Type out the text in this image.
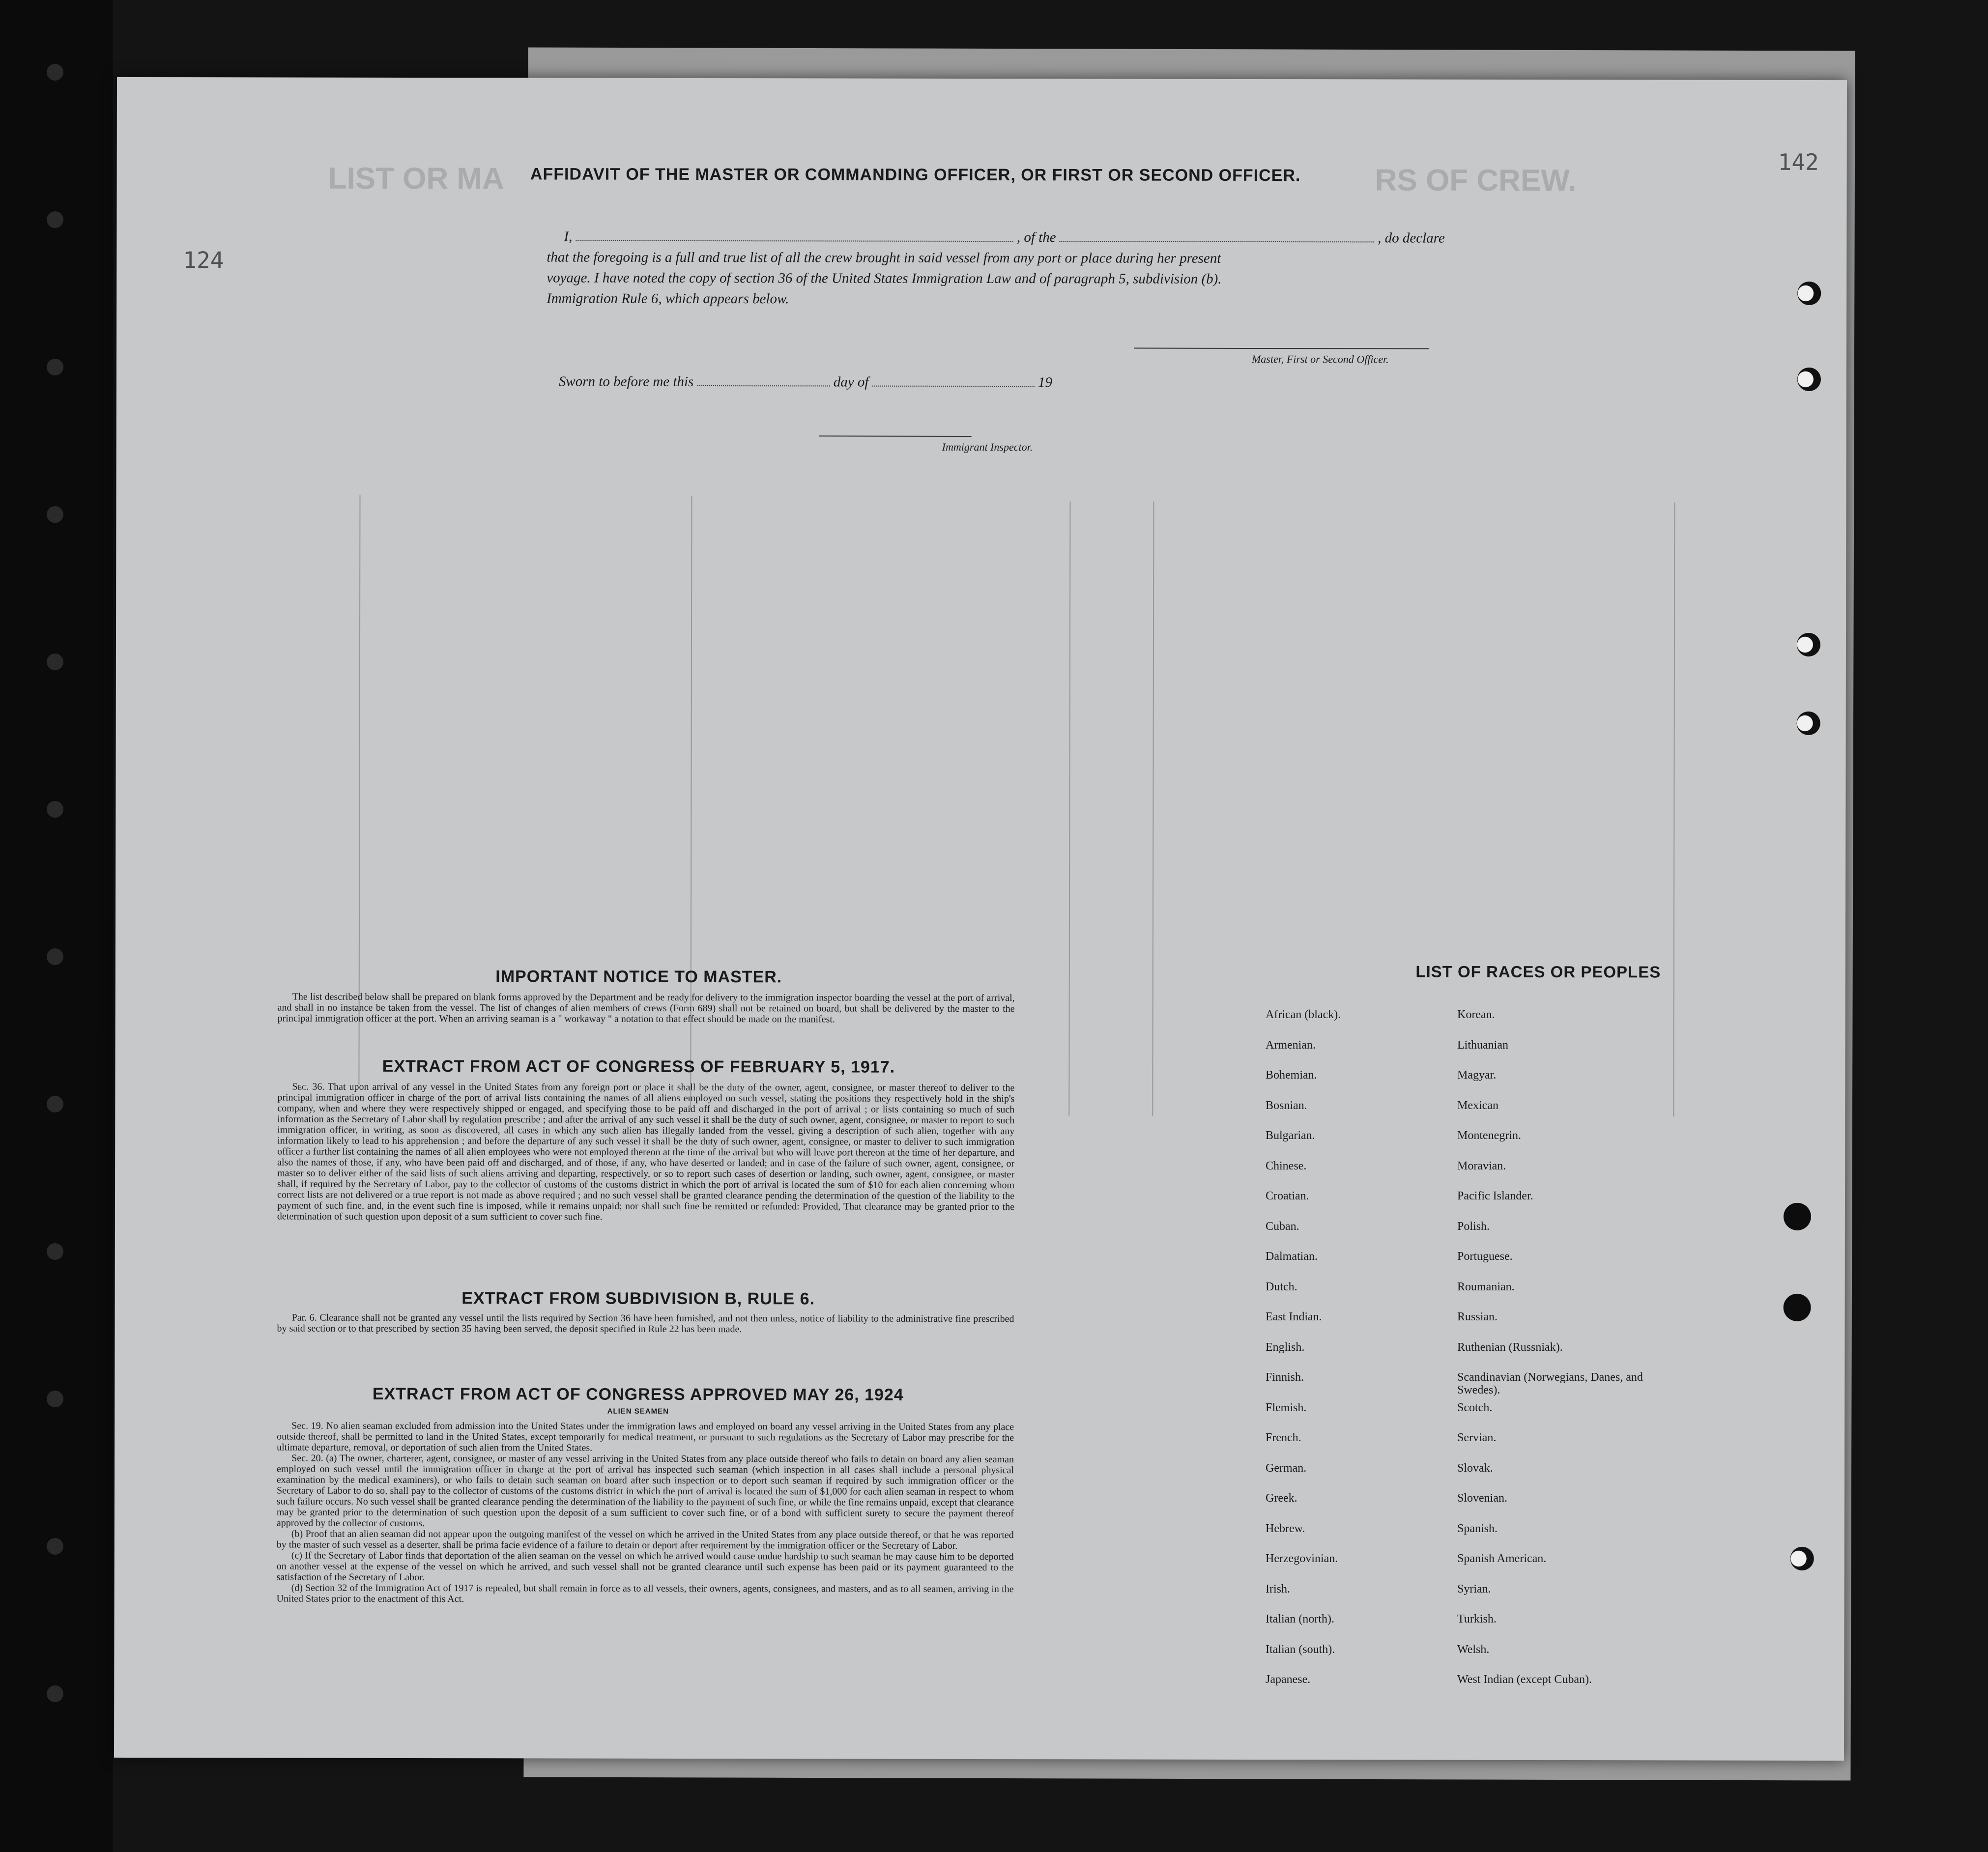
LIST OR MA	RS OF CREW.
124
142
AFFIDAVIT OF THE MASTER OR COMMANDING OFFICER, OR FIRST OR SECOND OFFICER.
I,	, of the	, do declare
that the foregoing is a full and true list of all the crew brought in said vessel from any port or place during her present
voyage. I have noted the copy of section 36 of the United States Immigration Law and of paragraph 5, subdivision (b).
Immigration Rule 6, which appears below.
Master, First or Second Officer.
Sworn to before me this	day of	19
Immigrant Inspector.
IMPORTANT NOTICE TO MASTER.

The list described below shall be prepared on blank forms approved by the Department and be ready for delivery to the immigration inspector boarding the vessel at the port of arrival, and shall in no instance be taken from the vessel. The list of changes of alien members of crews (Form 689) shall not be retained on board, but shall be delivered by the master to the principal immigration officer at the port. When an arriving seaman is a " workaway " a notation to that effect should be made on the manifest.

EXTRACT FROM ACT OF CONGRESS OF FEBRUARY 5, 1917.

Sec. 36. That upon arrival of any vessel in the United States from any foreign port or place it shall be the duty of the owner, agent, consignee, or master thereof to deliver to the principal immigration officer in charge of the port of arrival lists containing the names of all aliens employed on such vessel, stating the positions they respectively hold in the ship's company, when and where they were respectively shipped or engaged, and specifying those to be paid off and discharged in the port of arrival ; or lists containing so much of such information as the Secretary of Labor shall by regulation prescribe ; and after the arrival of any such vessel it shall be the duty of such owner, agent, consignee, or master to report to such immigration officer, in writing, as soon as discovered, all cases in which any such alien has illegally landed from the vessel, giving a description of such alien, together with any information likely to lead to his apprehension ; and before the departure of any such vessel it shall be the duty of such owner, agent, consignee, or master to deliver to such immigration officer a further list containing the names of all alien employees who were not employed thereon at the time of the arrival but who will leave port thereon at the time of her departure, and also the names of those, if any, who have been paid off and discharged, and of those, if any, who have deserted or landed; and in case of the failure of such owner, agent, consignee, or master so to deliver either of the said lists of such aliens arriving and departing, respectively, or so to report such cases of desertion or landing, such owner, agent, consignee, or master shall, if required by the Secretary of Labor, pay to the collector of customs of the customs district in which the port of arrival is located the sum of $10 for each alien concerning whom correct lists are not delivered or a true report is not made as above required ; and no such vessel shall be granted clearance pending the determination of the question of the liability to the payment of such fine, and, in the event such fine is imposed, while it remains unpaid; nor shall such fine be remitted or refunded: Provided, That clearance may be granted prior to the determination of such question upon deposit of a sum sufficient to cover such fine.

EXTRACT FROM SUBDIVISION B, RULE 6.

Par. 6. Clearance shall not be granted any vessel until the lists required by Section 36 have been furnished, and not then unless, notice of liability to the administrative fine prescribed by said section or to that prescribed by section 35 having been served, the deposit specified in Rule 22 has been made.

EXTRACT FROM ACT OF CONGRESS APPROVED MAY 26, 1924
ALIEN SEAMEN

Sec. 19. No alien seaman excluded from admission into the United States under the immigration laws and employed on board any vessel arriving in the United States from any place outside thereof, shall be permitted to land in the United States, except temporarily for medical treatment, or pursuant to such regulations as the Secretary of Labor may prescribe for the ultimate departure, removal, or deportation of such alien from the United States.

Sec. 20. (a) The owner, charterer, agent, consignee, or master of any vessel arriving in the United States from any place outside thereof who fails to detain on board any alien seaman employed on such vessel until the immigration officer in charge at the port of arrival has inspected such seaman (which inspection in all cases shall include a personal physical examination by the medical examiners), or who fails to detain such seaman on board after such inspection or to deport such seaman if required by such immigration officer or the Secretary of Labor to do so, shall pay to the collector of customs of the customs district in which the port of arrival is located the sum of $1,000 for each alien seaman in respect to whom such failure occurs. No such vessel shall be granted clearance pending the determination of the liability to the payment of such fine, or while the fine remains unpaid, except that clearance may be granted prior to the determination of such question upon the deposit of a sum sufficient to cover such fine, or of a bond with sufficient surety to secure the payment thereof approved by the collector of customs.

(b) Proof that an alien seaman did not appear upon the outgoing manifest of the vessel on which he arrived in the United States from any place outside thereof, or that he was reported by the master of such vessel as a deserter, shall be prima facie evidence of a failure to detain or deport after requirement by the immigration officer or the Secretary of Labor.

(c) If the Secretary of Labor finds that deportation of the alien seaman on the vessel on which he arrived would cause undue hardship to such seaman he may cause him to be deported on another vessel at the expense of the vessel on which he arrived, and such vessel shall not be granted clearance until such expense has been paid or its payment guaranteed to the satisfaction of the Secretary of Labor.

(d) Section 32 of the Immigration Act of 1917 is repealed, but shall remain in force as to all vessels, their owners, agents, consignees, and masters, and as to all seamen, arriving in the United States prior to the enactment of this Act.

LIST OF RACES OR PEOPLES
African (black).	Korean.
Armenian.	Lithuanian
Bohemian.	Magyar.
Bosnian.	Mexican
Bulgarian.	Montenegrin.
Chinese.	Moravian.
Croatian.	Pacific Islander.
Cuban.	Polish.
Dalmatian.	Portuguese.
Dutch.	Roumanian.
East Indian.	Russian.
English.	Ruthenian (Russniak).
Finnish.	Scandinavian (Norwegians, Danes, and Swedes).
Flemish.	Scotch.
French.	Servian.
German.	Slovak.
Greek.	Slovenian.
Hebrew.	Spanish.
Herzegovinian.	Spanish American.
Irish.	Syrian.
Italian (north).	Turkish.
Italian (south).	Welsh.
Japanese.	West Indian (except Cuban).
